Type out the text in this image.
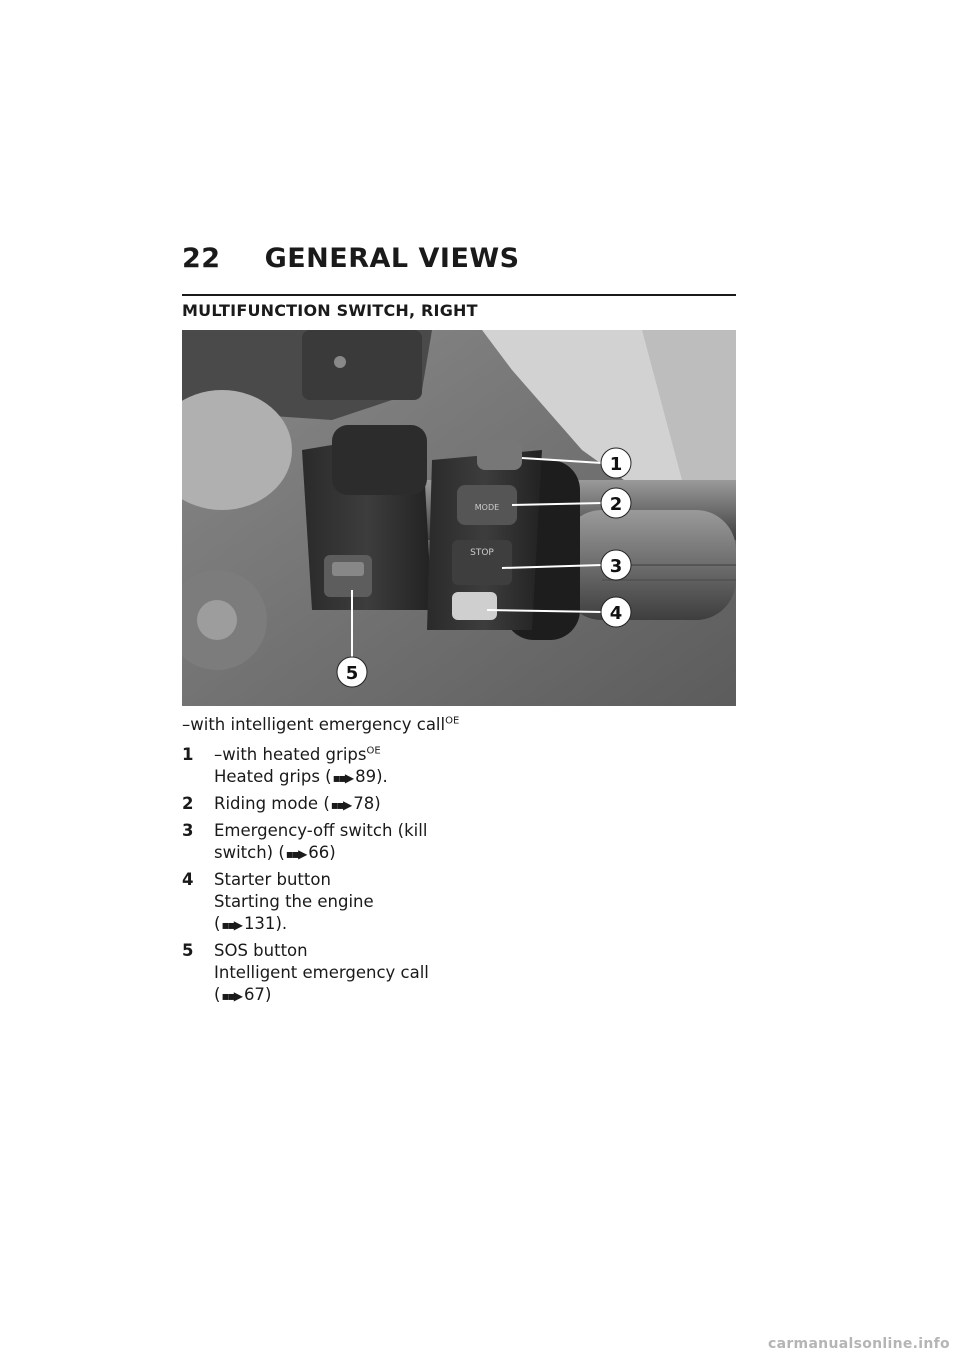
22 GENERAL VIEWS
MULTIFUNCTION SWITCH, RIGHT
MODE
STOP
1
2
3
4
5
–with intelligent emergency call$^{OE}$
1	–with heated grips$^{OE}$
Heated grips (▪▪▶ 89).
2	Riding mode (▪▪▶ 78)
3	Emergency-off switch (kill
switch) (▪▪▶ 66)
4	Starter button
Starting the engine
(▪▪▶ 131).
5	SOS button
Intelligent emergency call
(▪▪▶ 67)
carmanualsonline.info
